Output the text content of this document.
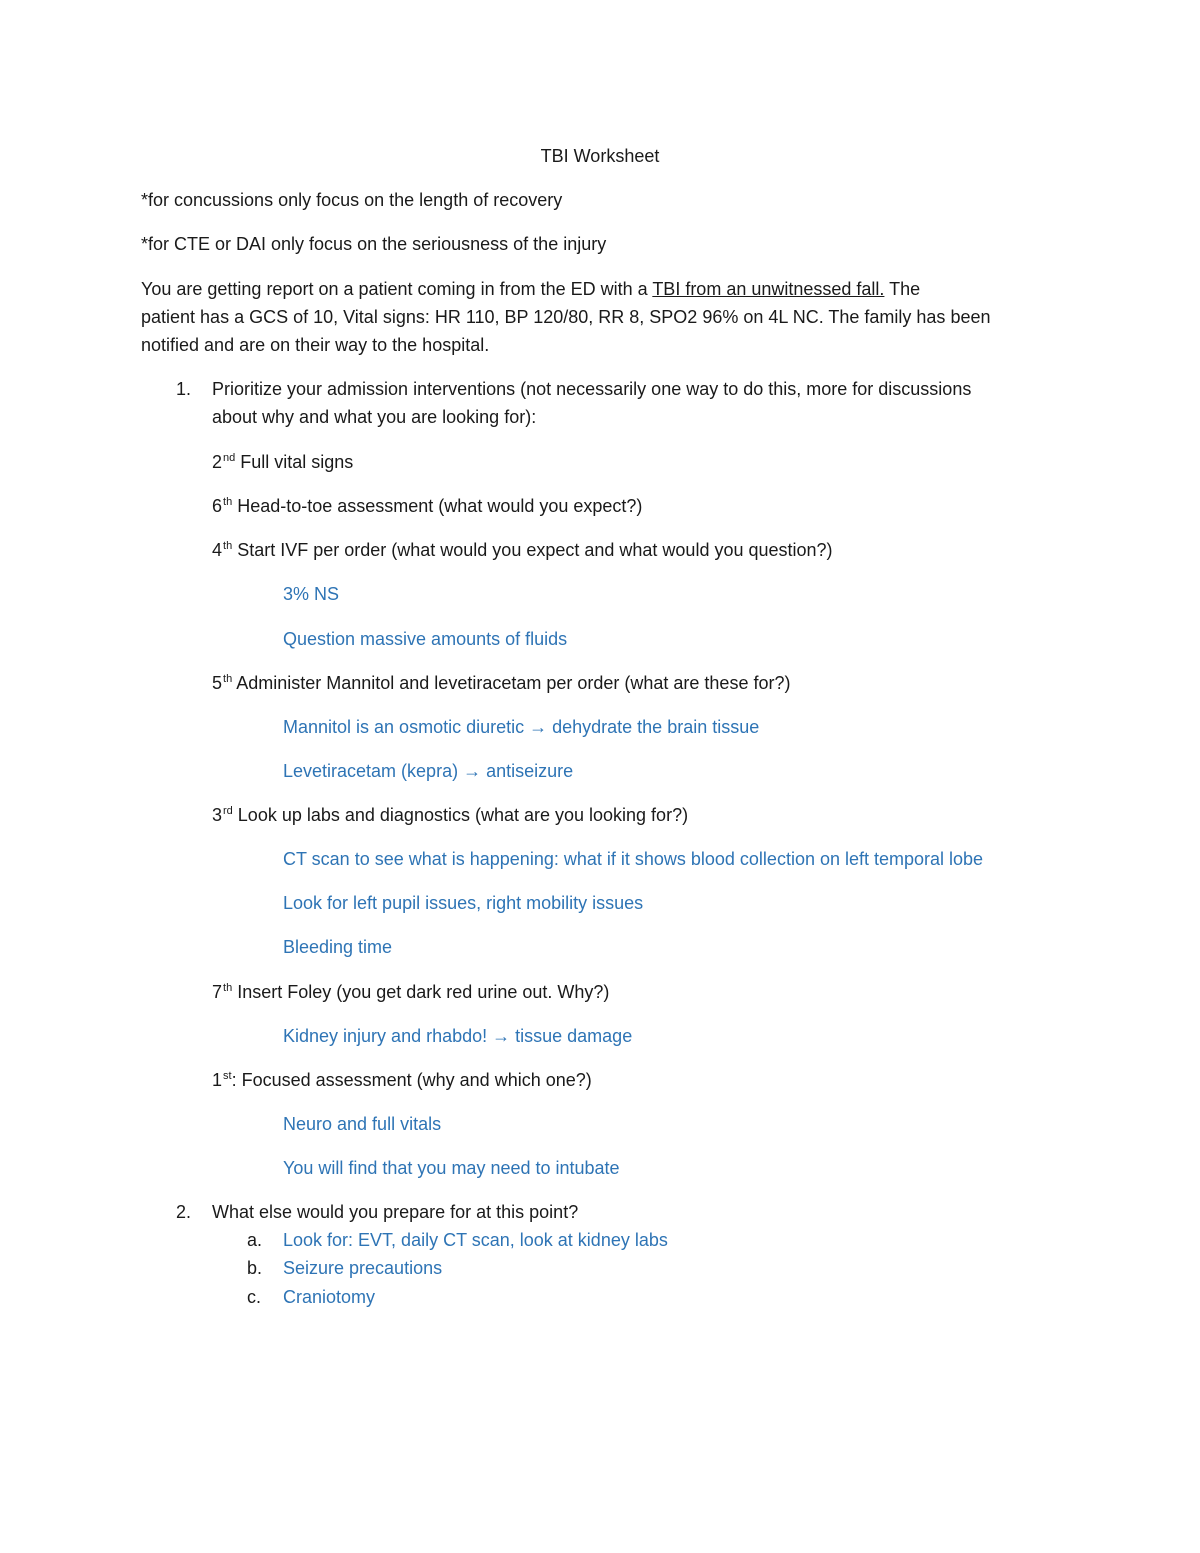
TBI Worksheet
*for concussions only focus on the length of recovery
*for CTE or DAI only focus on the seriousness of the injury
You are getting report on a patient coming in from the ED with a TBI from an unwitnessed fall. The
patient has a GCS of 10, Vital signs: HR 110, BP 120/80, RR 8, SPO2 96% on 4L NC. The family has been
notified and are on their way to the hospital.
1. Prioritize your admission interventions (not necessarily one way to do this, more for discussions
about why and what you are looking for):
2nd Full vital signs
6th Head-to-toe assessment (what would you expect?)
4th Start IVF per order (what would you expect and what would you question?)
3% NS
Question massive amounts of fluids
5th Administer Mannitol and levetiracetam per order (what are these for?)
Mannitol is an osmotic diuretic → dehydrate the brain tissue
Levetiracetam (kepra) → antiseizure
3rd Look up labs and diagnostics (what are you looking for?)
CT scan to see what is happening: what if it shows blood collection on left temporal lobe
Look for left pupil issues, right mobility issues
Bleeding time
7th Insert Foley (you get dark red urine out. Why?)
Kidney injury and rhabdo! → tissue damage
1st: Focused assessment (why and which one?)
Neuro and full vitals
You will find that you may need to intubate
2. What else would you prepare for at this point?
a. Look for: EVT, daily CT scan, look at kidney labs
b. Seizure precautions
c. Craniotomy
